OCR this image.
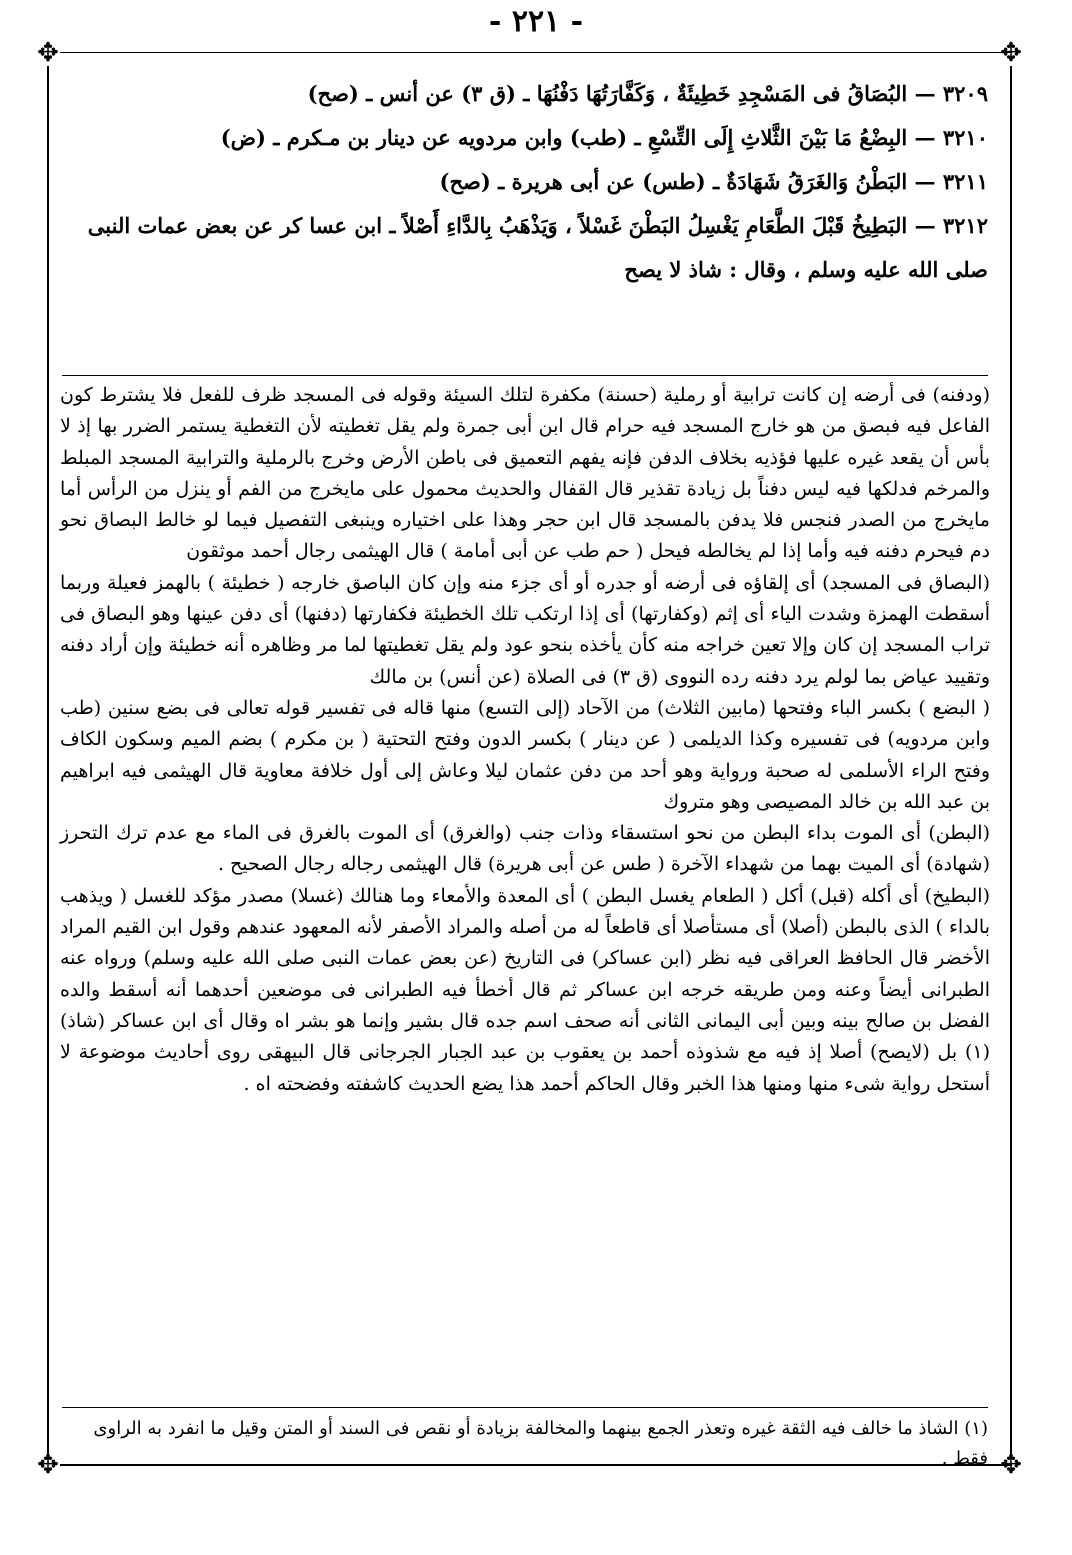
✥	✥
✥	✥
- ٢٢١ -
٣٢٠٩ — البُصَاقُ فى المَسْجِدِ خَطِيئَةٌ ، وَكَفَّارَتُهَا دَفْنُهَا ـ (ق ٣) عن أنس ـ (صح)
٣٢١٠ — البِضْعُ مَا بَيْنَ الثَّلاثِ إِلَى التِّسْعِ ـ (طب) وابن مردويه عن دينار بن مـكرم ـ (ض)
٣٢١١ — البَطْنُ وَالغَرَقُ شَهَادَةٌ ـ (طس) عن أبى هريرة ـ (صح)
٣٢١٢ — البَطِيخُ قَبْلَ الطَّعَامِ يَغْسِلُ البَطْنَ غَسْلاً ، وَيَذْهَبُ بِالدَّاءِ أَصْلاً ـ ابن عسا كر عن بعض عمات النبى صلى الله عليه وسلم ، وقال : شاذ لا يصح

(ودفنه) فى أرضه إن كانت ترابية أو رملية (حسنة) مكفرة لتلك السيئة وقوله فى المسجد ظرف للفعل فلا يشترط كون الفاعل فيه فبصق من هو خارج المسجد فيه حرام قال ابن أبى جمرة ولم يقل تغطيته لأن التغطية يستمر الضرر بها إذ لا بأس أن يقعد غيره عليها فؤذيه بخلاف الدفن فإنه يفهم التعميق فى باطن الأرض وخرج بالرملية والترابية المسجد المبلط والمرخم فدلكها فيه ليس دفناً بل زيادة تقذير قال القفال والحديث محمول على مايخرج من الفم أو ينزل من الرأس أما مايخرج من الصدر فنجس فلا يدفن بالمسجد قال ابن حجر وهذا على اختياره وينبغى التفصيل فيما لو خالط البصاق نحو دم فيحرم دفنه فيه وأما إذا لم يخالطه فيحل ( حم طب عن أبى أمامة ) قال الهيثمى رجال أحمد موثقون

(البصاق فى المسجد) أى إلقاؤه فى أرضه أو جدره أو أى جزء منه وإن كان الباصق خارجه ( خطيئة ) بالهمز فعيلة وربما أسقطت الهمزة وشدت الياء أى إثم (وكفارتها) أى إذا ارتكب تلك الخطيئة فكفارتها (دفنها) أى دفن عينها وهو البصاق فى تراب المسجد إن كان وإلا تعين خراجه منه كأن يأخذه بنحو عود ولم يقل تغطيتها لما مر وظاهره أنه خطيئة وإن أراد دفنه وتقييد عياض بما لولم يرد دفنه رده النووى (ق ٣) فى الصلاة (عن أنس) بن مالك

( البضع ) بكسر الباء وفتحها (مابين الثلاث) من الآحاد (إلى التسع) منها قاله فى تفسير قوله تعالى فى بضع سنين (طب وابن مردويه) فى تفسيره وكذا الديلمى ( عن دينار ) بكسر الدون وفتح التحتية ( بن مكرم ) بضم الميم وسكون الكاف وفتح الراء الأسلمى له صحبة ورواية وهو أحد من دفن عثمان ليلا وعاش إلى أول خلافة معاوية قال الهيثمى فيه ابراهيم بن عبد الله بن خالد المصيصى وهو متروك

(البطن) أى الموت بداء البطن من نحو استسقاء وذات جنب (والغرق) أى الموت بالغرق فى الماء مع عدم ترك التحرز (شهادة) أى الميت بهما من شهداء الآخرة ( طس عن أبى هريرة) قال الهيثمى رجاله رجال الصحيح .

(البطيخ) أى أكله (قبل) أكل ( الطعام يغسل البطن ) أى المعدة والأمعاء وما هنالك (غسلا) مصدر مؤكد للغسل ( ويذهب بالداء ) الذى بالبطن (أصلا) أى مستأصلا أى قاطعاً له من أصله والمراد الأصفر لأنه المعهود عندهم وقول ابن القيم المراد الأخضر قال الحافظ العراقى فيه نظر (ابن عساكر) فى التاريخ (عن بعض عمات النبى صلى الله عليه وسلم) ورواه عنه الطبرانى أيضاً وعنه ومن طريقه خرجه ابن عساكر ثم قال أخطأ فيه الطبرانى فى موضعين أحدهما أنه أسقط والده الفضل بن صالح بينه وبين أبى اليمانى الثانى أنه صحف اسم جده قال بشير وإنما هو بشر اه وقال أى ابن عساكر (شاذ) (١) بل (لايصح) أصلا إذ فيه مع شذوذه أحمد بن يعقوب بن عبد الجبار الجرجانى قال البيهقى روى أحاديث موضوعة لا أستحل رواية شىء منها ومنها هذا الخبر وقال الحاكم أحمد هذا يضع الحديث كاشفته وفضحته اه .

(١) الشاذ ما خالف فيه الثقة غيره وتعذر الجمع بينهما والمخالفة بزيادة أو نقص فى السند أو المتن وقيل ما انفرد به الراوى فقط .
